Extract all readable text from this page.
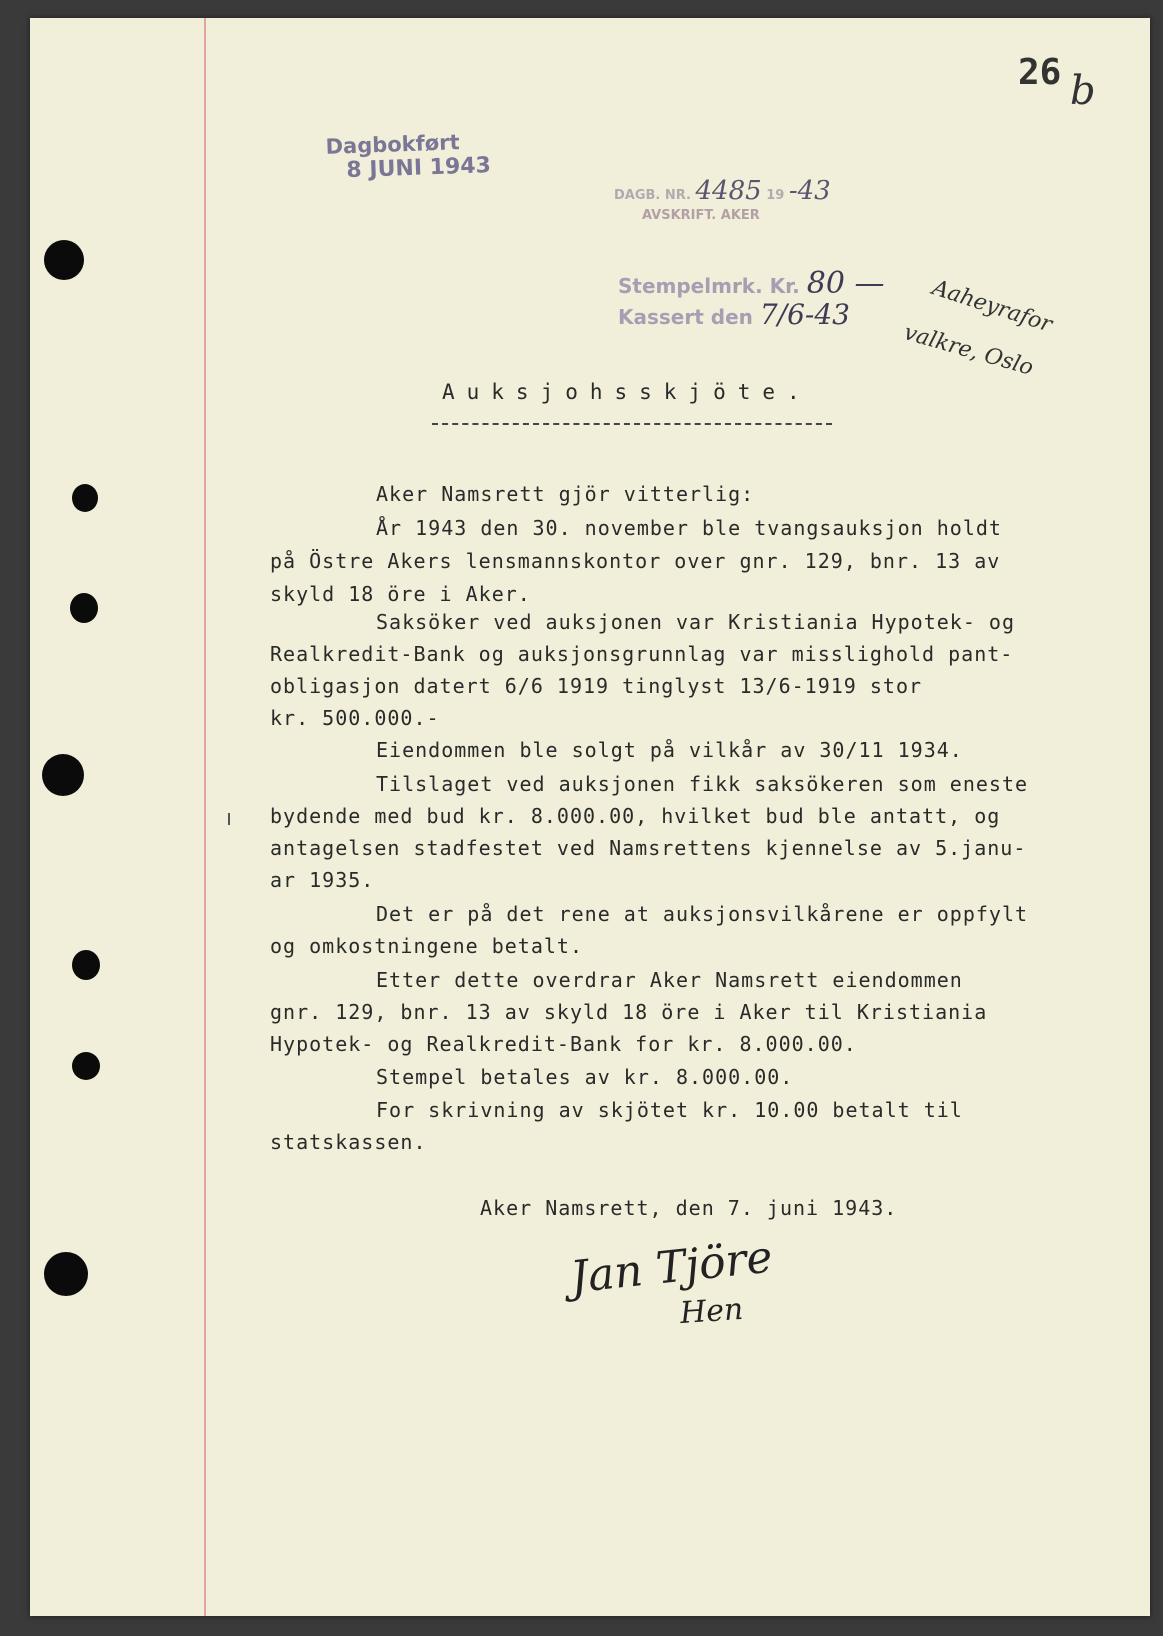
26 b
Dagbokført
8 JUNI 1943
DAGB. NR. 4485 19 -43
AVSKRIFT. AKER
Stempelmrk. Kr. 80 —
Kassert den 7/6-43	Aaheyrafor
valkre, Oslo
Auksjohsskjöte.
Aker Namsrett gjör vitterlig:
År 1943 den 30. november ble tvangsauksjon holdt
på Östre Akers lensmannskontor over gnr. 129, bnr. 13 av
skyld 18 öre i Aker.
Saksöker ved auksjonen var Kristiania Hypotek- og
Realkredit-Bank og auksjonsgrunnlag var misslighold pant-
obligasjon datert 6/6 1919 tinglyst 13/6-1919 stor
kr. 500.000.-
Eiendommen ble solgt på vilkår av 30/11 1934.
Tilslaget ved auksjonen fikk saksökeren som eneste
bydende med bud kr. 8.000.00, hvilket bud ble antatt, og
antagelsen stadfestet ved Namsrettens kjennelse av 5.janu-
ar 1935.
Det er på det rene at auksjonsvilkårene er oppfylt
og omkostningene betalt.
Etter dette overdrar Aker Namsrett eiendommen
gnr. 129, bnr. 13 av skyld 18 öre i Aker til Kristiania
Hypotek- og Realkredit-Bank for kr. 8.000.00.
Stempel betales av kr. 8.000.00.
For skrivning av skjötet kr. 10.00 betalt til
statskassen.
Aker Namsrett, den 7. juni 1943.
Jan Tjöre
Hen
